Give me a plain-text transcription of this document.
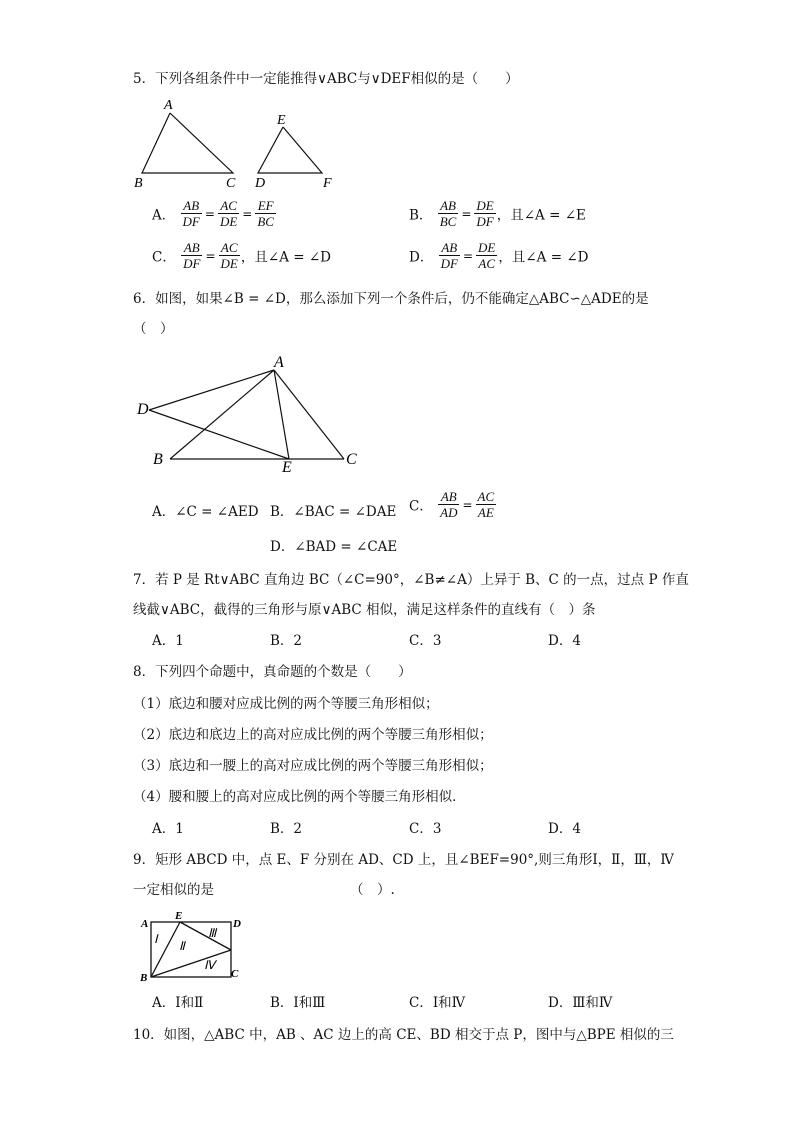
5．下列各组条件中一定能推得∨ABC与∨DEF相似的是（　　）
A
B	C
E
D	F
A． $\frac{AB}{DF} = \frac{AC}{DE} = \frac{EF}{BC}$	B． $\frac{AB}{BC} = \frac{DE}{DF}$ ，且∠A = ∠E
C． $\frac{AB}{DF} = \frac{AC}{DE}$ ，且∠A = ∠D	D． $\frac{AB}{DF} = \frac{DE}{AC}$ ，且∠A = ∠D
6．如图，如果∠B = ∠D，那么添加下列一个条件后，仍不能确定△ABC∽△ADE的是
（　）
A
D
B	E	C
A．∠C = ∠AED B．∠BAC = ∠DAE C． $\frac{AB}{AD} = \frac{AC}{AE}$
D．∠BAD = ∠CAE
7．若 P 是 Rt∨ABC 直角边 BC（∠C=90°，∠B≠∠A）上异于 B、C 的一点，过点 P 作直
线截∨ABC，截得的三角形与原∨ABC 相似，满足这样条件的直线有（　）条
A．1	B．2	C．3	D．4
8．下列四个命题中，真命题的个数是（　　）
（1）底边和腰对应成比例的两个等腰三角形相似；
（2）底边和底边上的高对应成比例的两个等腰三角形相似；
（3）底边和一腰上的高对应成比例的两个等腰三角形相似；
（4）腰和腰上的高对应成比例的两个等腰三角形相似．
A．1	B．2	C．3	D．4
9．矩形 ABCD 中，点 E、F 分别在 AD、CD 上，且∠BEF=90°,则三角形Ⅰ，Ⅱ，Ⅲ，Ⅳ
一定相似的是	（　）.
A
E
D
B	C
Ⅰ Ⅱ
Ⅲ
Ⅳ
A．Ⅰ和Ⅱ	B．Ⅰ和Ⅲ	C．Ⅰ和Ⅳ	D．Ⅲ和Ⅳ
10．如图，△ABC 中，AB 、AC 边上的高 CE、BD 相交于点 P，图中与△BPE 相似的三
